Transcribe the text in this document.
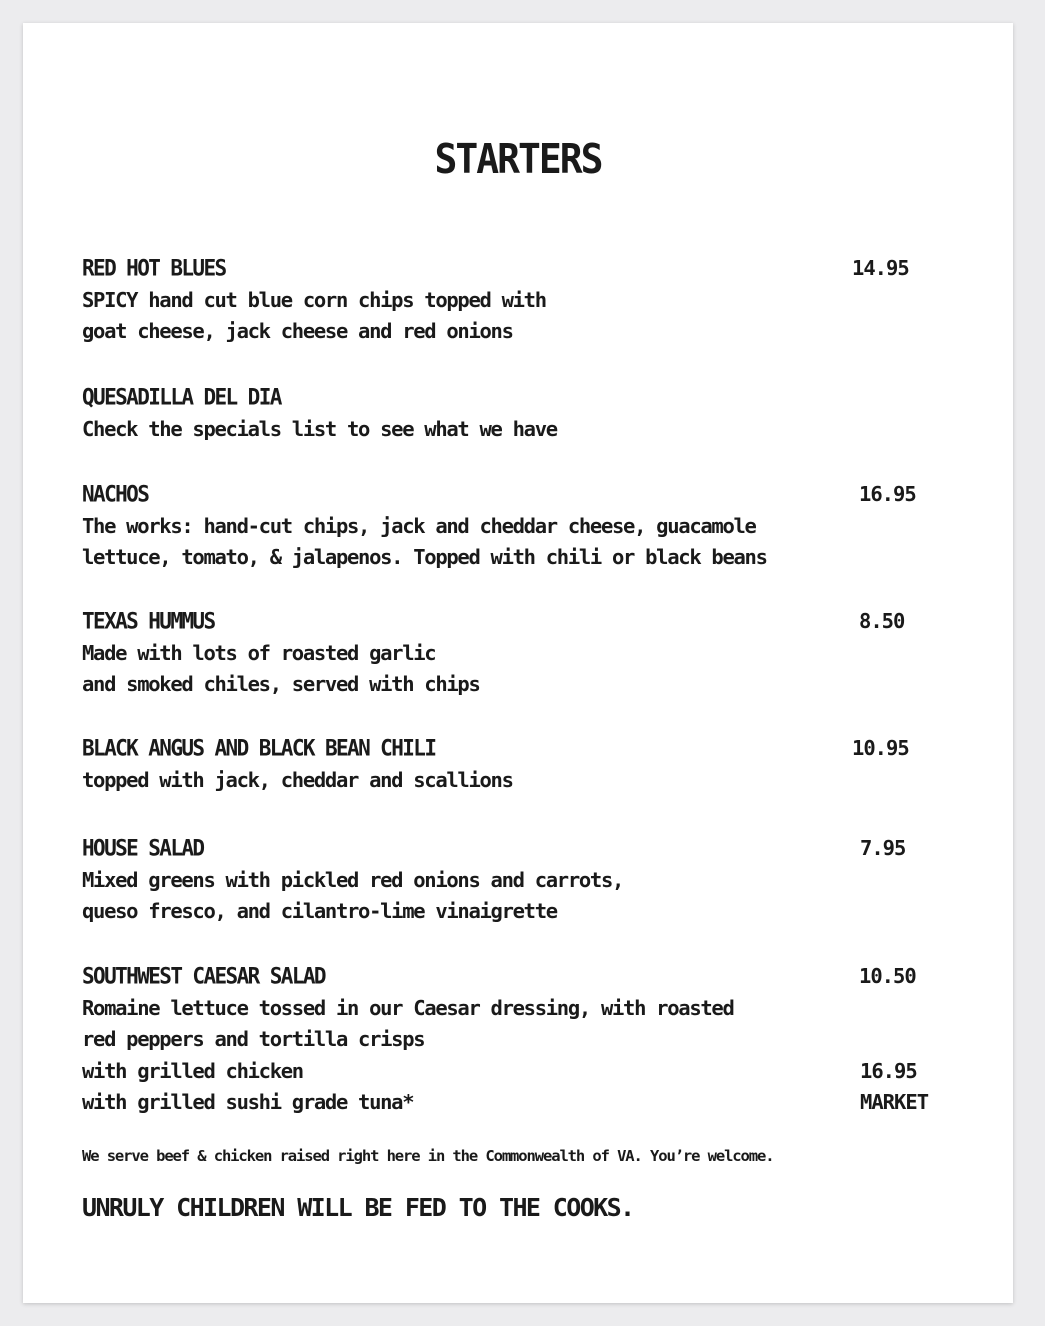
STARTERS
RED HOT BLUES	14.95
SPICY hand cut blue corn chips topped with
goat cheese, jack cheese and red onions
QUESADILLA DEL DIA
Check the specials list to see what we have
NACHOS	16.95
The works: hand-cut chips, jack and cheddar cheese, guacamole
lettuce, tomato, & jalapenos. Topped with chili or black beans
TEXAS HUMMUS	8.50
Made with lots of roasted garlic
and smoked chiles, served with chips
BLACK ANGUS AND BLACK BEAN CHILI	10.95
topped with jack, cheddar and scallions
HOUSE SALAD	7.95
Mixed greens with pickled red onions and carrots,
queso fresco, and cilantro-lime vinaigrette
SOUTHWEST CAESAR SALAD	10.50
Romaine lettuce tossed in our Caesar dressing, with roasted
red peppers and tortilla crisps
with grilled chicken	16.95
with grilled sushi grade tuna*	MARKET
We serve beef & chicken raised right here in the Commonwealth of VA. You’re welcome.
UNRULY CHILDREN WILL BE FED TO THE COOKS.
